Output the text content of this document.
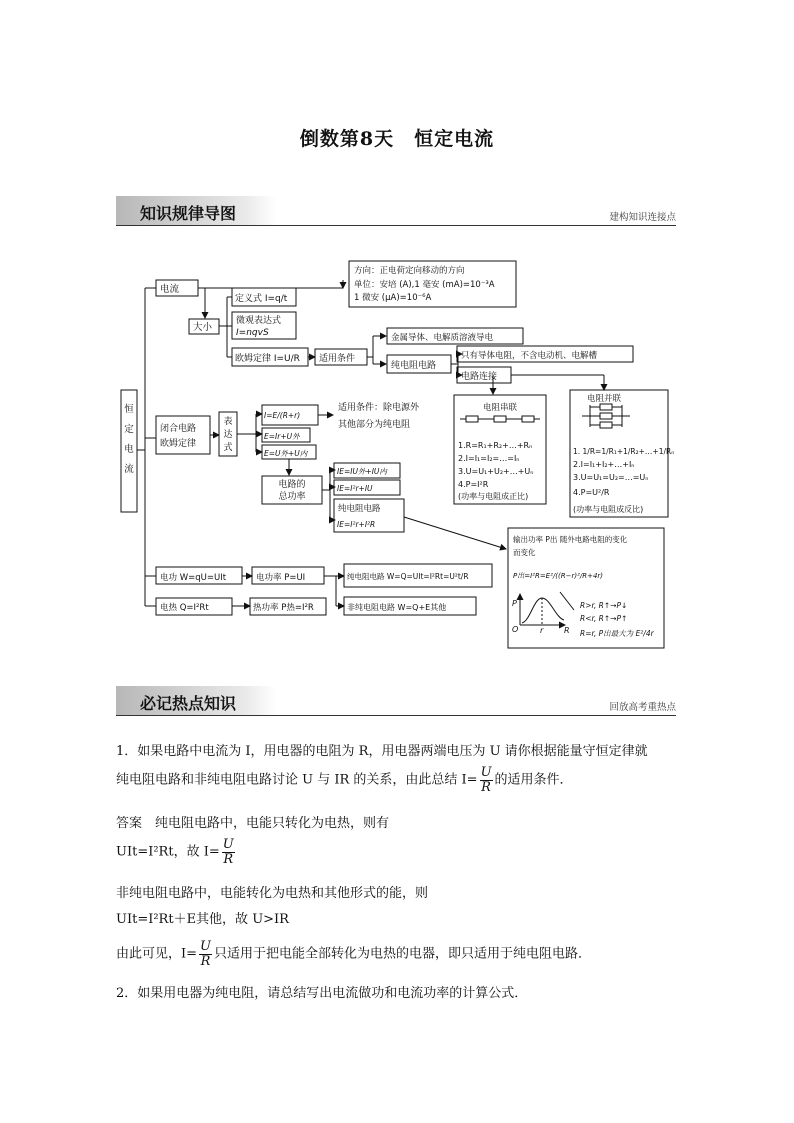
倒数第8天　恒定电流
知识规律导图	建构知识连接点
恒
定
电
流
电流
大小
定义式 I=q/t
微观表达式
I=nqvS
欧姆定律 I=U/R 适用条件
方向：正电荷定向移动的方向
单位：安培 (A),1 毫安 (mA)=10⁻³A
1 微安 (μA)=10⁻⁶A
金属导体、电解质溶液导电
纯电阻电路
只有导体电阻，不含电动机、电解槽
电路连接
电阻串联
1.R=R₁+R₂+…+Rₙ
2.I=I₁=I₂=…=Iₙ
3.U=U₁+U₂+…+Uₙ
4.P=I²R
(功率与电阻成正比)
电阻并联
1. 1/R=1/R₁+1/R₂+…+1/Rₙ
2.I=I₁+I₂+…+Iₙ
3.U=U₁=U₂=…=Uₙ
4.P=U²/R
(功率与电阻成反比)
闭合电路
欧姆定律
表
达
式
I=E/(R+r)
E=Ir+U外
E=U外+U内
适用条件：除电源外
其他部分为纯电阻
电路的
总功率
IE=IU外+IU内
IE=I²r+IU
纯电阻电路
IE=I²r+I²R
输出功率 P出 随外电路电阻的变化
而变化
P出=I²R=E²/((R−r)²/R+4r)
R>r, R↑→P↓
R<r, R↑→P↑
R=r, P出最大为 E²/4r
P
O	r	R
电功 W=qU=UIt	电功率 P=UI	纯电阻电路 W=Q=UIt=I²Rt=U²t/R
电热 Q=I²Rt	热功率 P热=I²R	非纯电阻电路 W=Q+E其他
必记热点知识	回放高考重热点

1．如果电路中电流为 I，用电器的电阻为 R，用电器两端电压为 U 请你根据能量守恒定律就

纯电阻电路和非纯电阻电路讨论 U 与 IR 的关系，由此总结 $I= \frac{U}{R}$ 的适用条件．

答案　 纯电阻电路中，电能只转化为电热，则有

UIt=I²Rt，故 $I= \frac{U}{R}$

非纯电阻电路中，电能转化为电热和其他形式的能，则

UIt=I²Rt＋E其他，故 U>IR

由此可见，$I= \frac{U}{R}$ 只适用于把电能全部转化为电热的电器，即只适用于纯电阻电路．

2．如果用电器为纯电阻，请总结写出电流做功和电流功率的计算公式．
